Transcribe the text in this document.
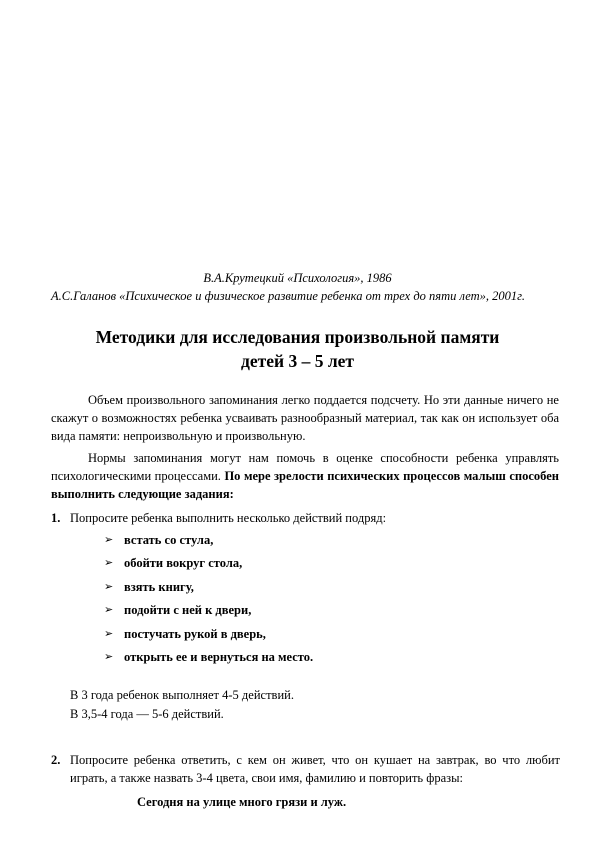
В.А.Крутецкий «Психология», 1986
А.С.Галанов «Психическое и физическое развитие ребенка от трех до пяти лет», 2001г.
Методики для исследования произвольной памяти
детей 3 – 5 лет
Объем произвольного запоминания легко поддается подсчету. Но эти данные ничего не скажут о возможностях ребенка усваивать разнообразный материал, так как он использует оба вида памяти: непроизвольную и произвольную.
Нормы запоминания могут нам помочь в оценке способности ребенка управлять психологическими процессами. По мере зрелости психических процессов малыш способен выполнить следующие задания:
1. Попросите ребенка выполнить несколько действий подряд:
➢ встать со стула,
➢ обойти вокруг стола,
➢ взять книгу,
➢ подойти с ней к двери,
➢ постучать рукой в дверь,
➢ открыть ее и вернуться на место.
В 3 года ребенок выполняет 4-5 действий.
В 3,5-4 года — 5-6 действий.
2. Попросите ребенка ответить, с кем он живет, что он кушает на завтрак, во что любит играть, а также назвать 3-4 цвета, свои имя, фамилию и повторить фразы:
Сегодня на улице много грязи и луж.
